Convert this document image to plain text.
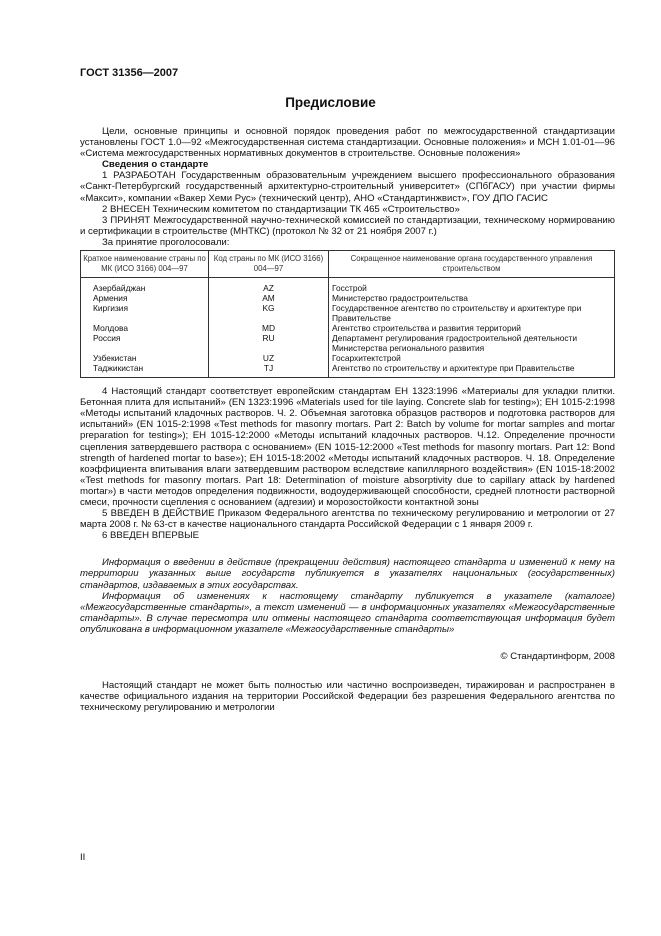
ГОСТ 31356—2007
Предисловие

Цели, основные принципы и основной порядок проведения работ по межгосударственной стандартизации установлены ГОСТ 1.0—92 «Межгосударственная система стандартизации. Основные положения» и МСН 1.01-01—96 «Система межгосударственных нормативных документов в строительстве. Основные положения»

Сведения о стандарте

1 РАЗРАБОТАН Государственным образовательным учреждением высшего профессионального образования «Санкт-Петербургский государственный архитектурно-строительный университет» (СПбГАСУ) при участии фирмы «Максит», компании «Вакер Хеми Рус» (технический центр), АНО «Стандартинжвист», ГОУ ДПО ГАСИС

2 ВНЕСЕН Техническим комитетом по стандартизации ТК 465 «Строительство»

3 ПРИНЯТ Межгосударственной научно-технической комиссией по стандартизации, техническому нормированию и сертификации в строительстве (МНТКС) (протокол № 32 от 21 ноября 2007 г.)

За принятие проголосовали:

Краткое наименование страны по МК (ИСО 3166) 004—97	Код страны по МК (ИСО 3166) 004—97	Сокращенное наименование органа государственного управления строительством
Азербайджан	AZ	Госстрой
Армения	AM	Министерство градостроительства
Киргизия	KG	Государственное агентство по строительству и архитектуре при Правительстве
Молдова	MD	Агентство строительства и развития территорий
Россия	RU	Департамент регулирования градостроительной деятельности Министерства регионального развития
Узбекистан	UZ	Госархитектстрой
Таджикистан	TJ	Агентство по строительству и архитектуре при Правительстве

4 Настоящий стандарт соответствует европейским стандартам ЕН 1323:1996 «Материалы для укладки плитки. Бетонная плита для испытаний» (EN 1323:1996 «Materials used for tile laying. Concrete slab for testing»); ЕН 1015-2:1998 «Методы испытаний кладочных растворов. Ч. 2. Объемная заготовка образцов растворов и подготовка растворов для испытаний» (EN 1015-2:1998 «Test methods for masonry mortars. Part 2: Batch by volume for mortar samples and mortar preparation for testing»); ЕН 1015-12:2000 «Методы испытаний кладочных растворов. Ч.12. Определение прочности сцепления затвердевшего раствора с основанием» (EN 1015-12:2000 «Test methods for masonry mortars. Part 12: Bond strength of hardened mortar to base»); ЕН 1015-18:2002 «Методы испытаний кладочных растворов. Ч. 18. Определение коэффициента впитывания влаги затвердевшим раствором вследствие капиллярного воздействия» (EN 1015-18:2002 «Test methods for masonry mortars. Part 18: Determination of moisture absorptivity due to capillary attack by hardened mortar») в части методов определения подвижности, водоудерживающей способности, средней плотности растворной смеси, прочности сцепления с основанием (адгезии) и морозостойкости контактной зоны

5 ВВЕДЕН В ДЕЙСТВИЕ Приказом Федерального агентства по техническому регулированию и метрологии от 27 марта 2008 г. № 63-ст в качестве национального стандарта Российской Федерации с 1 января 2009 г.

6 ВВЕДЕН ВПЕРВЫЕ

Информация о введении в действие (прекращении действия) настоящего стандарта и изменений к нему на территории указанных выше государств публикуется в указателях национальных (государственных) стандартов, издаваемых в этих государствах.

Информация об изменениях к настоящему стандарту публикуется в указателе (каталоге) «Межгосударственные стандарты», а текст изменений — в информационных указателях «Межгосударственные стандарты». В случае пересмотра или отмены настоящего стандарта соответствующая информация будет опубликована в информационном указателе «Межгосударственные стандарты»

© Стандартинформ, 2008

Настоящий стандарт не может быть полностью или частично воспроизведен, тиражирован и распространен в качестве официального издания на территории Российской Федерации без разрешения Федерального агентства по техническому регулированию и метрологии

II
